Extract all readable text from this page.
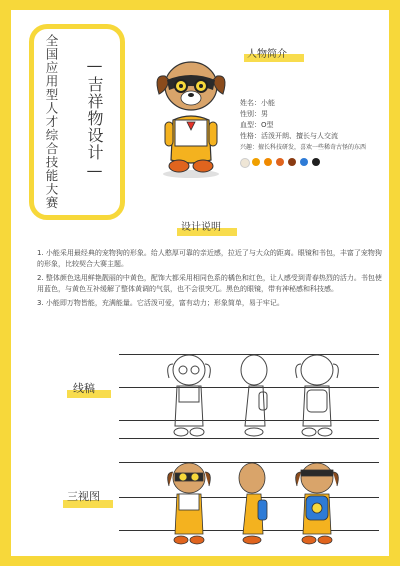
全国应用型人才综合技能大赛 —吉祥物设计—
人物简介
姓名：小能
性别：男
血型：O型
性格：活泼开朗、擅长与人交流
兴趣：擅长科技研发，喜欢一些稀奇古怪的东西
设计说明
1. 小能采用最经典的宠物狗的形象。给人憨厚可靠的亲近感，拉近了与大众的距离。眼镜和书包，丰富了宠物狗的形象，比较契合大赛主题。
2. 整体颜色选用鲜艳靓丽的中黄色，配饰大都采用相同色系的橘色和红色，让人感受到青春热烈的活力。书包使用蓝色，与黄色互补缓解了整体黄调的气氛，也不会很突兀。黑色的眼镜，带有神秘感和科技感。
3. 小能即万物皆能，充满能量。它活泼可爱，富有动力；形象简单，易于牢记。
线稿
三视图
